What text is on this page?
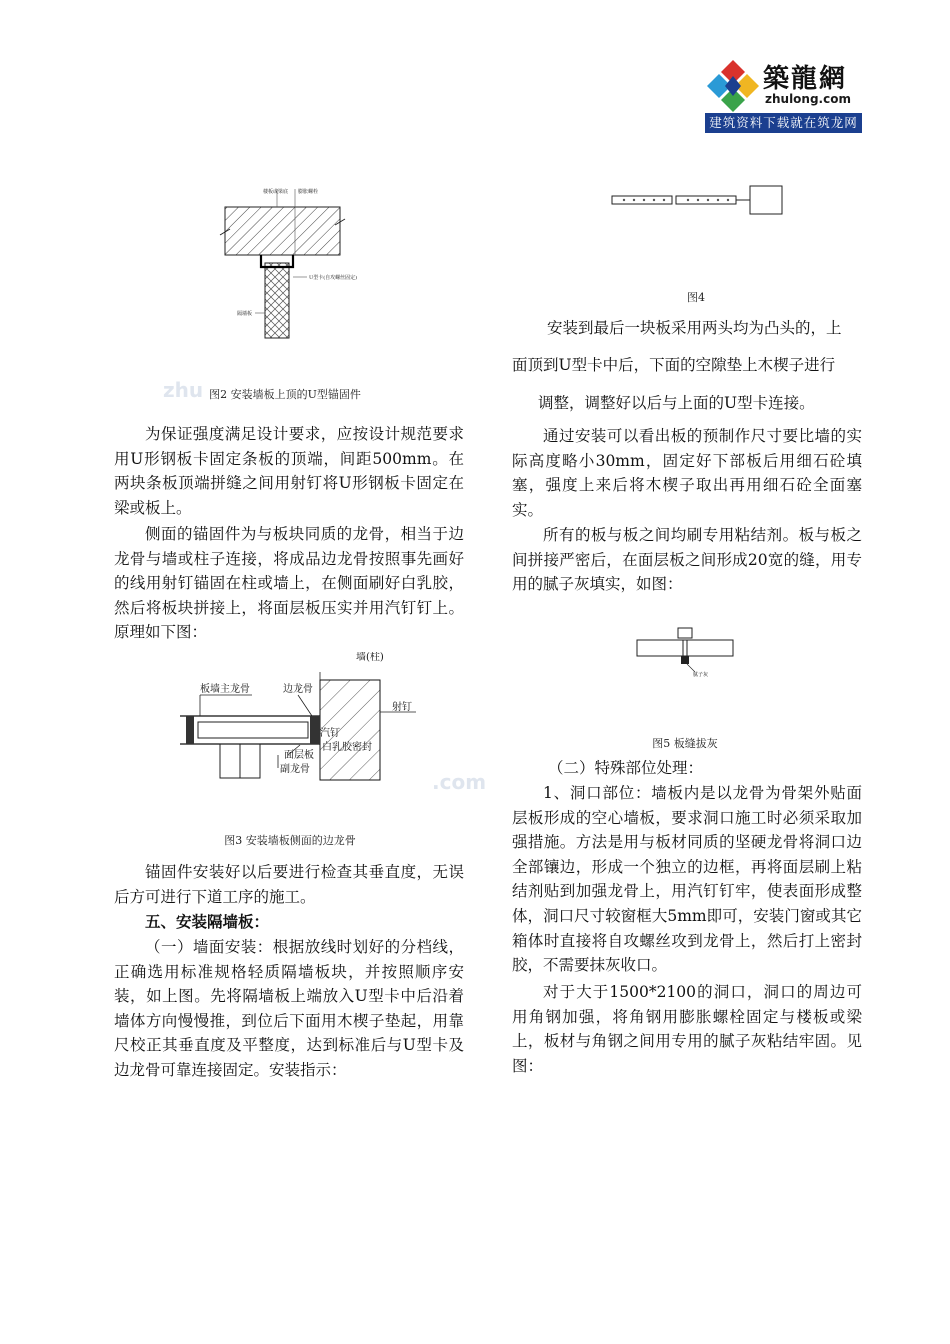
築龍網
zhulong.com
建筑资料下载就在筑龙网
楼板或梁底 膨胀螺栓
U型卡(自攻螺丝固定)
隔墙板
zhu 图2 安装墙板上顶的U型锚固件

为保证强度满足设计要求，应按设计规范要求用U形钢板卡固定条板的顶端，间距500mm。在两块条板顶端拼缝之间用射钉将U形钢板卡固定在梁或板上。

侧面的锚固件为与板块同质的龙骨，相当于边龙骨与墙或柱子连接，将成品边龙骨按照事先画好的线用射钉锚固在柱或墙上，在侧面刷好白乳胶，然后将板块拼接上，将面层板压实并用汽钉钉上。原理如下图：

墙(柱)
板墙主龙骨	边龙骨
射钉
汽钉
白乳胶密封
面层板
副龙骨
.com
图3 安装墙板侧面的边龙骨

锚固件安装好以后要进行检查其垂直度，无误后方可进行下道工序的施工。

五、安装隔墙板：

（一）墙面安装：根据放线时划好的分档线，正确选用标准规格轻质隔墙板块，并按照顺序安装，如上图。先将隔墙板上端放入U型卡中后沿着墙体方向慢慢推，到位后下面用木楔子垫起，用靠尺校正其垂直度及平整度，达到标准后与U型卡及边龙骨可靠连接固定。安装指示：

图4

安装到最后一块板采用两头均为凸头的，上

面顶到U型卡中后，下面的空隙垫上木楔子进行

调整，调整好以后与上面的U型卡连接。

通过安装可以看出板的预制作尺寸要比墙的实际高度略小30mm，固定好下部板后用细石砼填塞，强度上来后将木楔子取出再用细石砼全面塞实。

所有的板与板之间均刷专用粘结剂。板与板之间拼接严密后，在面层板之间形成20宽的缝，用专用的腻子灰填实，如图：

腻子灰
图5 板缝拔灰
（二）特殊部位处理：

1、洞口部位：墙板内是以龙骨为骨架外贴面层板形成的空心墙板，要求洞口施工时必须采取加强措施。方法是用与板材同质的坚硬龙骨将洞口边全部镶边，形成一个独立的边框，再将面层刷上粘结剂贴到加强龙骨上，用汽钉钉牢，使表面形成整体，洞口尺寸较窗框大5mm即可，安装门窗或其它箱体时直接将自攻螺丝攻到龙骨上，然后打上密封胶，不需要抹灰收口。

对于大于1500*2100的洞口，洞口的周边可用角钢加强，将角钢用膨胀螺栓固定与楼板或梁上，板材与角钢之间用专用的腻子灰粘结牢固。见图：
